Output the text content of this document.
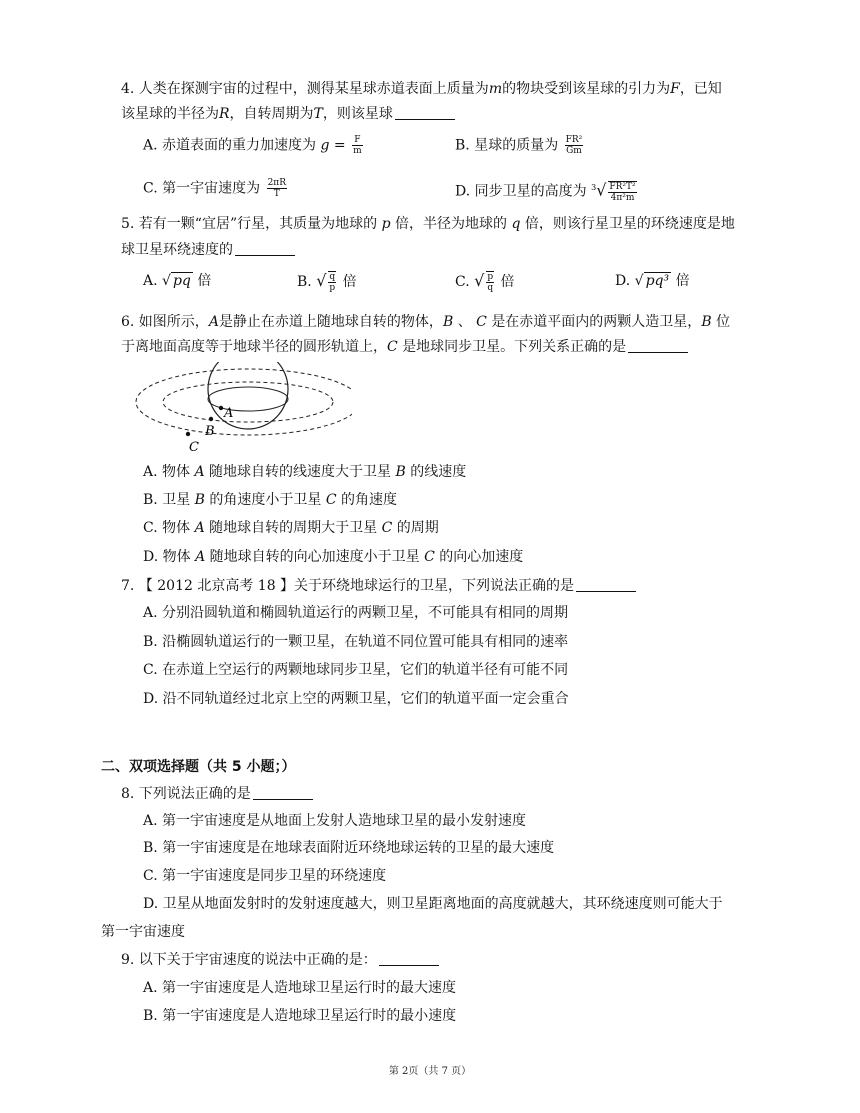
4. 人类在探测宇宙的过程中，测得某星球赤道表面上质量为m的物块受到该星球的引力为F，已知
该星球的半径为R，自转周期为T，则该星球
A. 赤道表面的重力加速度为 $g = \frac{F}{m}$	B. 星球的质量为 $\frac{\text{FR²}}{Gm}$
C. 第一宇宙速度为 $\frac{2\pi R}{T}$	D. 同步卫星的高度为 $^3√ \frac{\text{FR²T²}}{\text{4π²m}}$
5. 若有一颗“宜居”行星，其质量为地球的 p 倍，半径为地球的 q 倍，则该行星卫星的环绕速度是地
球卫星环绕速度的
A. √ pq 倍	B. √ $\frac{q}{p}$ 倍	C. √ $\frac{p}{q}$ 倍	D. √ pq³ 倍
6. 如图所示，A是静止在赤道上随地球自转的物体，B 、 C 是在赤道平面内的两颗人造卫星，B 位
于离地面高度等于地球半径的圆形轨道上，C 是地球同步卫星。下列关系正确的是
A
B
C
A. 物体 A 随地球自转的线速度大于卫星 B 的线速度
B. 卫星 B 的角速度小于卫星 C 的角速度
C. 物体 A 随地球自转的周期大于卫星 C 的周期
D. 物体 A 随地球自转的向心加速度小于卫星 C 的向心加速度
7. 【 2012 北京高考 18 】关于环绕地球运行的卫星，下列说法正确的是
A. 分别沿圆轨道和椭圆轨道运行的两颗卫星，不可能具有相同的周期
B. 沿椭圆轨道运行的一颗卫星，在轨道不同位置可能具有相同的速率
C. 在赤道上空运行的两颗地球同步卫星，它们的轨道半径有可能不同
D. 沿不同轨道经过北京上空的两颗卫星，它们的轨道平面一定会重合
二、双项选择题（共 5 小题；）
8. 下列说法正确的是
A. 第一宇宙速度是从地面上发射人造地球卫星的最小发射速度
B. 第一宇宙速度是在地球表面附近环绕地球运转的卫星的最大速度
C. 第一宇宙速度是同步卫星的环绕速度
D. 卫星从地面发射时的发射速度越大，则卫星距离地面的高度就越大，其环绕速度则可能大于
第一宇宙速度
9. 以下关于宇宙速度的说法中正确的是：
A. 第一宇宙速度是人造地球卫星运行时的最大速度
B. 第一宇宙速度是人造地球卫星运行时的最小速度
第 2页（共 7 页）
